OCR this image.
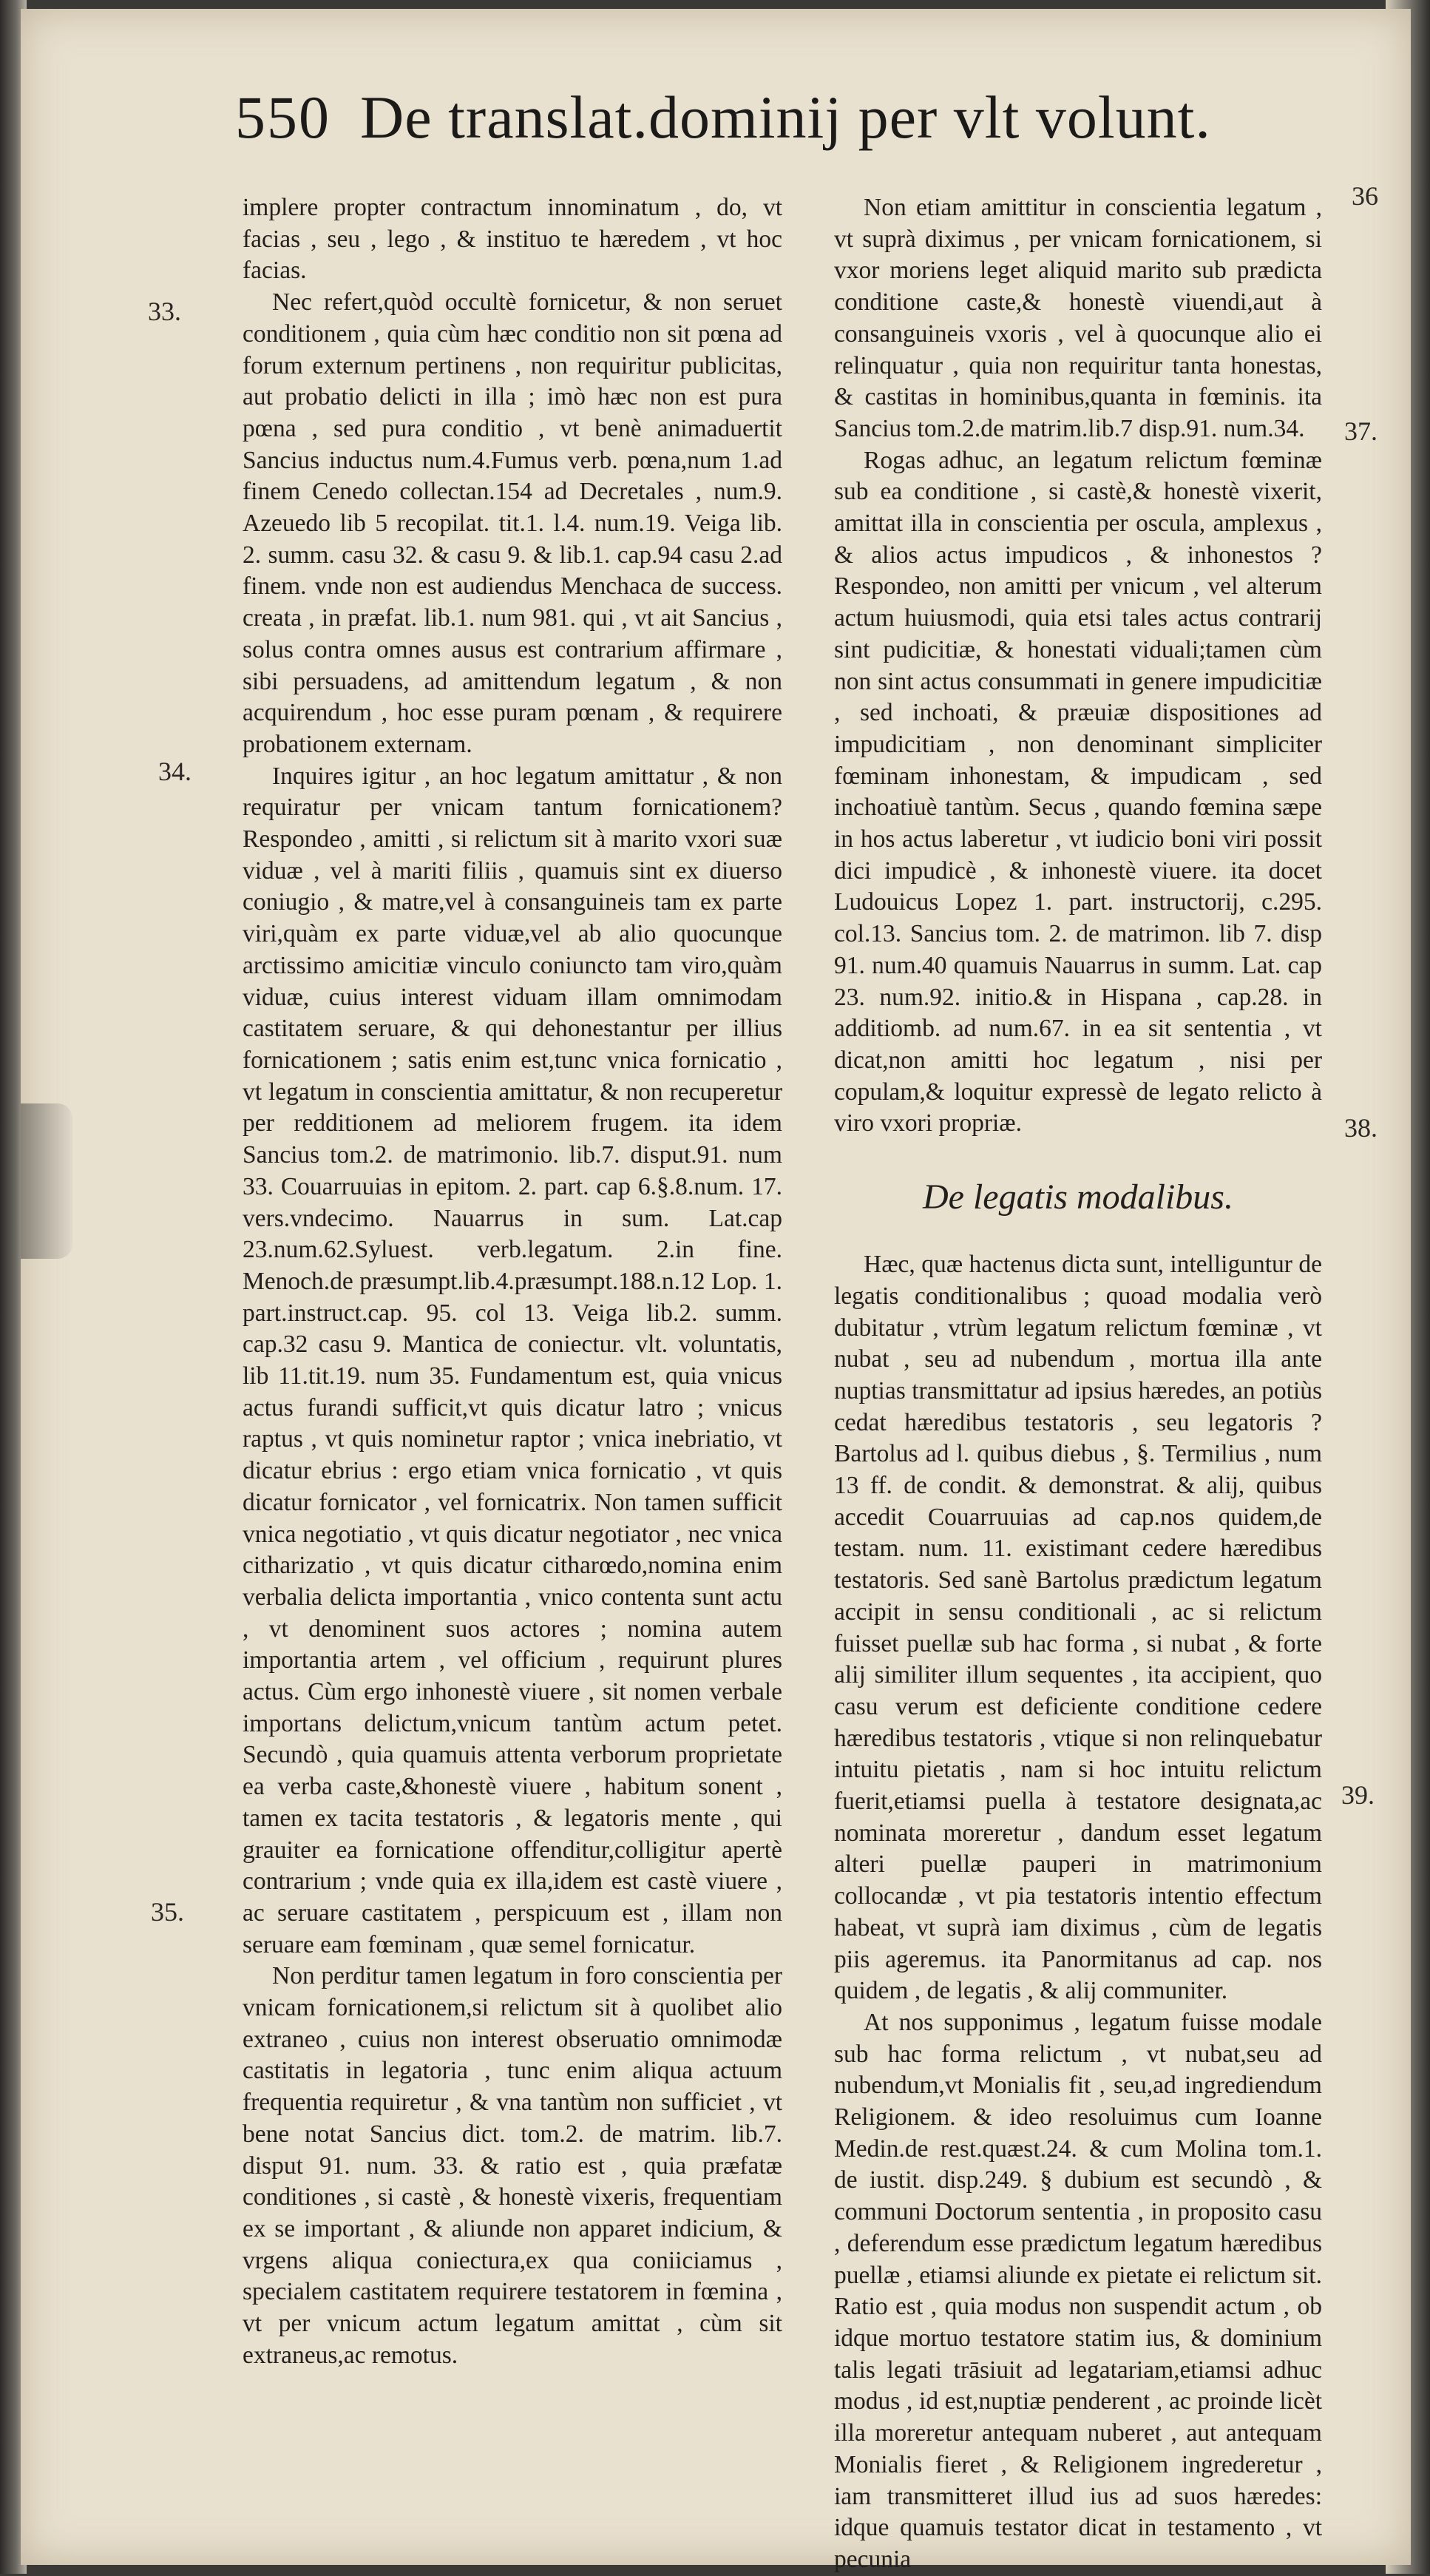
550 De translat.dominij per vlt volunt.
33.
34.
35.
36
37.
38.
39.

implere propter contractum innominatum , do, vt facias , seu , lego , & instituo te hæredem , vt hoc facias.

Nec refert,quòd occultè fornicetur, & non seruet conditionem , quia cùm hæc conditio non sit pœna ad forum externum pertinens , non requiritur publicitas, aut probatio delicti in illa ; imò hæc non est pura pœna , sed pura conditio , vt benè animaduertit Sancius inductus num.4.Fumus verb. pœna,num 1.ad finem Cenedo collectan.154 ad Decretales , num.9. Azeuedo lib 5 recopilat. tit.1. l.4. num.19. Veiga lib. 2. summ. casu 32. & casu 9. & lib.1. cap.94 casu 2.ad finem. vnde non est audiendus Menchaca de success. creata , in præfat. lib.1. num 981. qui , vt ait Sancius , solus contra omnes ausus est contrarium affirmare , sibi persuadens, ad amittendum legatum , & non acquirendum , hoc esse puram pœnam , & requirere probationem externam.

Inquires igitur , an hoc legatum amittatur , & non requiratur per vnicam tantum fornicationem? Respondeo , amitti , si relictum sit à marito vxori suæ viduæ , vel à mariti filiis , quamuis sint ex diuerso coniugio , & matre,vel à consanguineis tam ex parte viri,quàm ex parte viduæ,vel ab alio quocunque arctissimo amicitiæ vinculo coniuncto tam viro,quàm viduæ, cuius interest viduam illam omnimodam castitatem seruare, & qui dehonestantur per illius fornicationem ; satis enim est,tunc vnica fornicatio , vt legatum in conscientia amittatur, & non recuperetur per redditionem ad meliorem frugem. ita idem Sancius tom.2. de matrimonio. lib.7. disput.91. num 33. Couarruuias in epitom. 2. part. cap 6.§.8.num. 17. vers.vndecimo. Nauarrus in sum. Lat.cap 23.num.62.Syluest. verb.legatum. 2.in fine. Menoch.de præsumpt.lib.4.præsumpt.188.n.12 Lop. 1. part.instruct.cap. 95. col 13. Veiga lib.2. summ. cap.32 casu 9. Mantica de coniectur. vlt. voluntatis, lib 11.tit.19. num 35. Fundamentum est, quia vnicus actus furandi sufficit,vt quis dicatur latro ; vnicus raptus , vt quis nominetur raptor ; vnica inebriatio, vt dicatur ebrius : ergo etiam vnica fornicatio , vt quis dicatur fornicator , vel fornicatrix. Non tamen sufficit vnica negotiatio , vt quis dicatur negotiator , nec vnica citharizatio , vt quis dicatur citharœdo,nomina enim verbalia delicta importantia , vnico contenta sunt actu , vt denominent suos actores ; nomina autem importantia artem , vel officium , requirunt plures actus. Cùm ergo inhonestè viuere , sit nomen verbale importans delictum,vnicum tantùm actum petet. Secundò , quia quamuis attenta verborum proprietate ea verba caste,&honestè viuere , habitum sonent , tamen ex tacita testatoris , & legatoris mente , qui grauiter ea fornicatione offenditur,colligitur apertè contrarium ; vnde quia ex illa,idem est castè viuere , ac seruare castitatem , perspicuum est , illam non seruare eam fœminam , quæ semel fornicatur.

Non perditur tamen legatum in foro conscientia per vnicam fornicationem,si relictum sit à quolibet alio extraneo , cuius non interest obseruatio omnimodæ castitatis in legatoria , tunc enim aliqua actuum frequentia requiretur , & vna tantùm non sufficiet , vt bene notat Sancius dict. tom.2. de matrim. lib.7. disput 91. num. 33. & ratio est , quia præfatæ conditiones , si castè , & honestè vixeris, frequentiam ex se important , & aliunde non apparet indicium, & vrgens aliqua coniectura,ex qua coniiciamus , specialem castitatem requirere testatorem in fœmina , vt per vnicum actum legatum amittat , cùm sit extraneus,ac remotus.

Non etiam amittitur in conscientia legatum , vt suprà diximus , per vnicam fornicationem, si vxor moriens leget aliquid marito sub prædicta conditione caste,& honestè viuendi,aut à consanguineis vxoris , vel à quocunque alio ei relinquatur , quia non requiritur tanta honestas, & castitas in hominibus,quanta in fœminis. ita Sancius tom.2.de matrim.lib.7 disp.91. num.34.

Rogas adhuc, an legatum relictum fœminæ sub ea conditione , si castè,& honestè vixerit, amittat illa in conscientia per oscula, amplexus , & alios actus impudicos , & inhonestos ? Respondeo, non amitti per vnicum , vel alterum actum huiusmodi, quia etsi tales actus contrarij sint pudicitiæ, & honestati viduali;tamen cùm non sint actus consummati in genere impudicitiæ , sed inchoati, & præuiæ dispositiones ad impudicitiam , non denominant simpliciter fœminam inhonestam, & impudicam , sed inchoatiuè tantùm. Secus , quando fœmina sæpe in hos actus laberetur , vt iudicio boni viri possit dici impudicè , & inhonestè viuere. ita docet Ludouicus Lopez 1. part. instructorij, c.295. col.13. Sancius tom. 2. de matrimon. lib 7. disp 91. num.40 quamuis Nauarrus in summ. Lat. cap 23. num.92. initio.& in Hispana , cap.28. in additiomb. ad num.67. in ea sit sententia , vt dicat,non amitti hoc legatum , nisi per copulam,& loquitur expressè de legato relicto à viro vxori propriæ.

De legatis modalibus.

Hæc, quæ hactenus dicta sunt, intelliguntur de legatis conditionalibus ; quoad modalia verò dubitatur , vtrùm legatum relictum fœminæ , vt nubat , seu ad nubendum , mortua illa ante nuptias transmittatur ad ipsius hæredes, an potiùs cedat hæredibus testatoris , seu legatoris ? Bartolus ad l. quibus diebus , §. Termilius , num 13 ff. de condit. & demonstrat. & alij, quibus accedit Couarruuias ad cap.nos quidem,de testam. num. 11. existimant cedere hæredibus testatoris. Sed sanè Bartolus prædictum legatum accipit in sensu conditionali , ac si relictum fuisset puellæ sub hac forma , si nubat , & forte alij similiter illum sequentes , ita accipient, quo casu verum est deficiente conditione cedere hæredibus testatoris , vtique si non relinquebatur intuitu pietatis , nam si hoc intuitu relictum fuerit,etiamsi puella à testatore designata,ac nominata moreretur , dandum esset legatum alteri puellæ pauperi in matrimonium collocandæ , vt pia testatoris intentio effectum habeat, vt suprà iam diximus , cùm de legatis piis ageremus. ita Panormitanus ad cap. nos quidem , de legatis , & alij communiter.

At nos supponimus , legatum fuisse modale sub hac forma relictum , vt nubat,seu ad nubendum,vt Monialis fit , seu,ad ingrediendum Religionem. & ideo resoluimus cum Ioanne Medin.de rest.quæst.24. & cum Molina tom.1. de iustit. disp.249. § dubium est secundò , & communi Doctorum sententia , in proposito casu , deferendum esse prædictum legatum hæredibus puellæ , etiamsi aliunde ex pietate ei relictum sit. Ratio est , quia modus non suspendit actum , ob idque mortuo testatore statim ius, & dominium talis legati trāsiuit ad legatariam,etiamsi adhuc modus , id est,nuptiæ penderent , ac proinde licèt illa moreretur antequam nuberet , aut antequam Monialis fieret , & Religionem ingrederetur , iam transmitteret illud ius ad suos hæredes: idque quamuis testator dicat in testamento , vt pecunia
